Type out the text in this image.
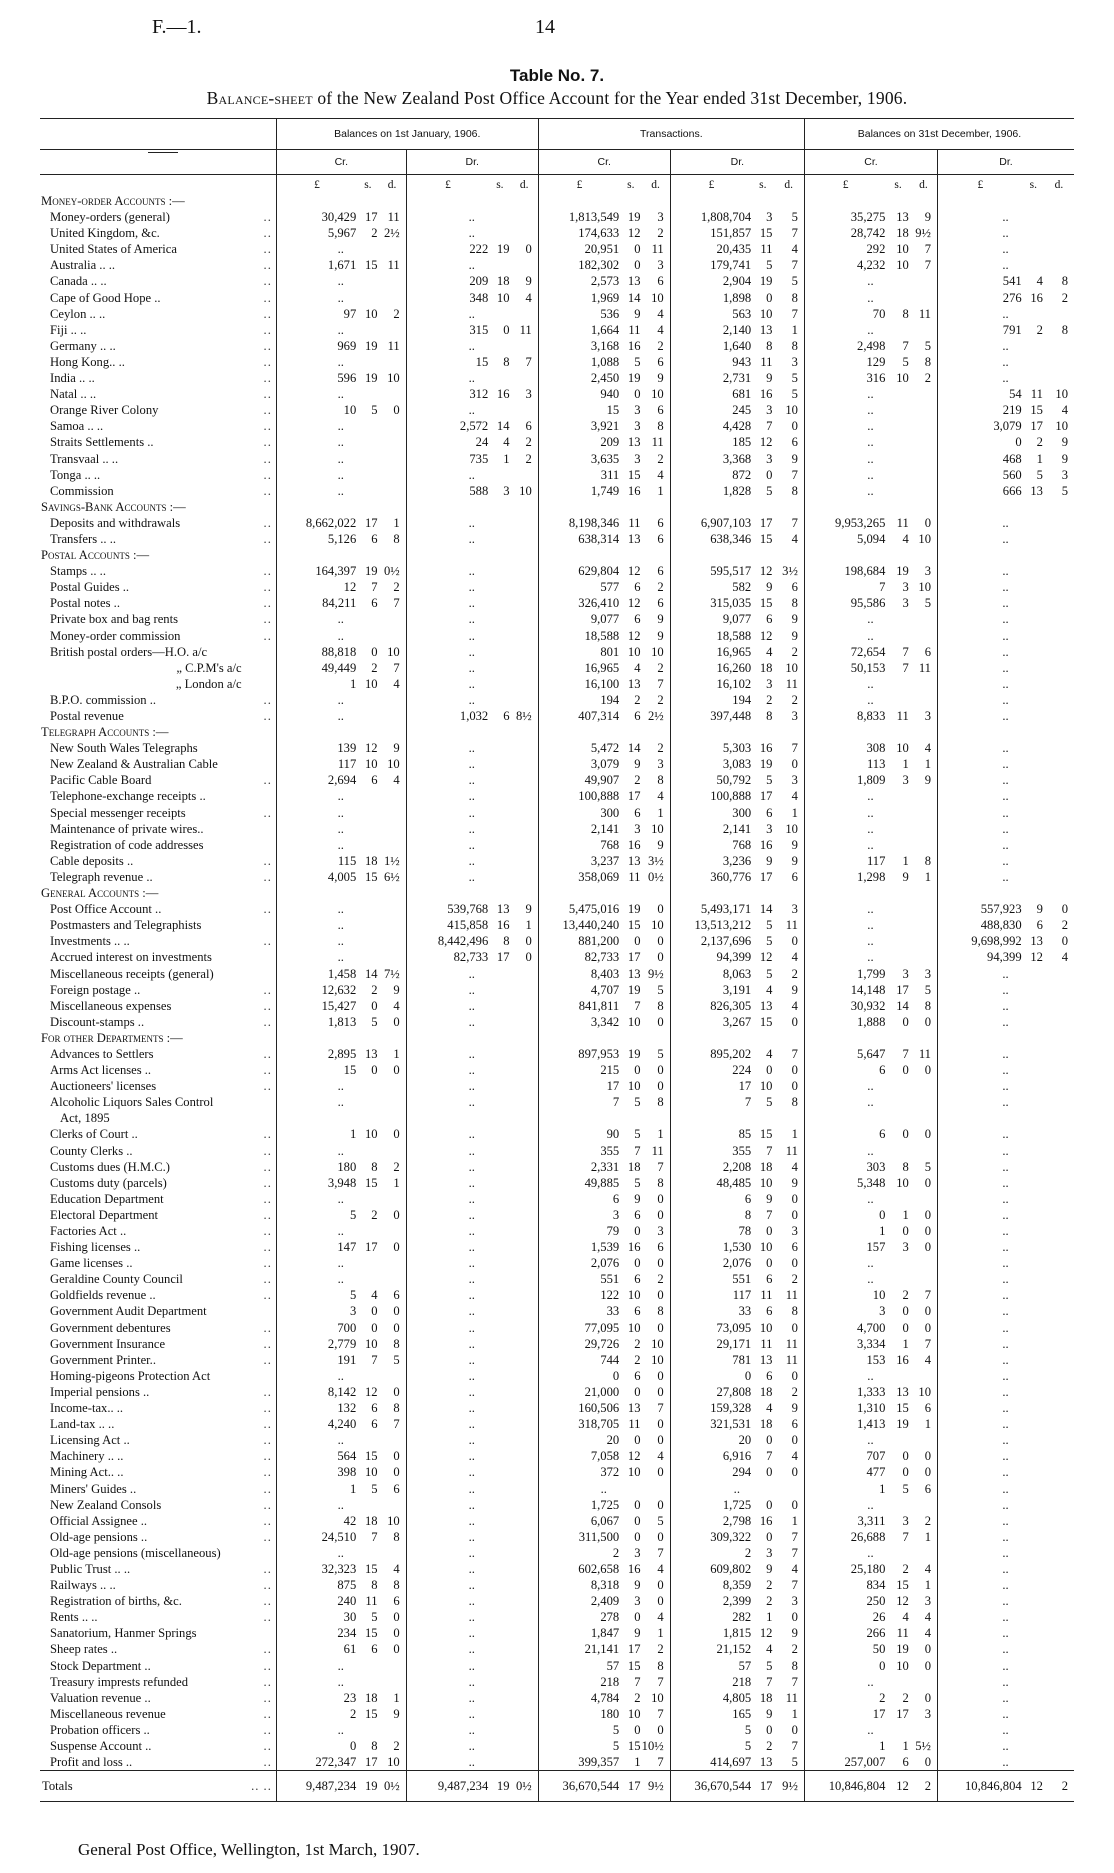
F.—1.	14
Table No. 7.
Balance-sheet of the New Zealand Post Office Account for the Year ended 31st December, 1906.
		Balances on 1st January, 1906.						Transactions.						Balances on 31st December, 1906.					
		Cr.			Dr.			Cr.			Dr.			Cr.			Dr.		
		£	s.	d.	£	s.	d.	£	s.	d.	£	s.	d.	£	s.	d.	£	s.	d.
Money-order Accounts :—																			
Money-orders (general)	..	30,429	17	11	..			1,813,549	19	3	1,808,704	3	5	35,275	13	9	..		
United Kingdom, &c.	..	5,967	2	2½	..			174,633	12	2	151,857	15	7	28,742	18	9½	..		
United States of America	..	..			222	19	0	20,951	0	11	20,435	11	4	292	10	7	..		
Australia .. ..	..	1,671	15	11	..			182,302	0	3	179,741	5	7	4,232	10	7	..		
Canada .. ..	..	..			209	18	9	2,573	13	6	2,904	19	5	..			541	4	8
Cape of Good Hope ..	..	..			348	10	4	1,969	14	10	1,898	0	8	..			276	16	2
Ceylon .. ..	..	97	10	2	..			536	9	4	563	10	7	70	8	11	..		
Fiji .. ..	..	..			315	0	11	1,664	11	4	2,140	13	1	..			791	2	8
Germany .. ..	..	969	19	11	..			3,168	16	2	1,640	8	8	2,498	7	5	..		
Hong Kong.. ..	..	..			15	8	7	1,088	5	6	943	11	3	129	5	8	..		
India .. ..	..	596	19	10	..			2,450	19	9	2,731	9	5	316	10	2	..		
Natal .. ..	..	..			312	16	3	940	0	10	681	16	5	..			54	11	10
Orange River Colony	..	10	5	0	..			15	3	6	245	3	10	..			219	15	4
Samoa .. ..	..	..			2,572	14	6	3,921	3	8	4,428	7	0	..			3,079	17	10
Straits Settlements ..	..	..			24	4	2	209	13	11	185	12	6	..			0	2	9
Transvaal .. ..	..	..			735	1	2	3,635	3	2	3,368	3	9	..			468	1	9
Tonga .. ..	..	..			..			311	15	4	872	0	7	..			560	5	3
Commission	..	..			588	3	10	1,749	16	1	1,828	5	8	..			666	13	5
Savings-Bank Accounts :—																			
Deposits and withdrawals	..	8,662,022	17	1	..			8,198,346	11	6	6,907,103	17	7	9,953,265	11	0	..		
Transfers .. ..	..	5,126	6	8	..			638,314	13	6	638,346	15	4	5,094	4	10	..		
Postal Accounts :—																			
Stamps .. ..	..	164,397	19	0½	..			629,804	12	6	595,517	12	3½	198,684	19	3	..		
Postal Guides ..	..	12	7	2	..			577	6	2	582	9	6	7	3	10	..		
Postal notes ..	..	84,211	6	7	..			326,410	12	6	315,035	15	8	95,586	3	5	..		
Private box and bag rents	..	..			..			9,077	6	9	9,077	6	9	..			..		
Money-order commission	..	..			..			18,588	12	9	18,588	12	9	..			..		
British postal orders—H.O. a/c		88,818	0	10	..			801	10	10	16,965	4	2	72,654	7	6	..		
„ C.P.M's a/c		49,449	2	7	..			16,965	4	2	16,260	18	10	50,153	7	11	..		
„ London a/c		1	10	4	..			16,100	13	7	16,102	3	11	..			..		
B.P.O. commission ..	..	..			..			194	2	2	194	2	2	..			..		
Postal revenue	..	..			1,032	6	8½	407,314	6	2½	397,448	8	3	8,833	11	3	..		
Telegraph Accounts :—																			
New South Wales Telegraphs		139	12	9	..			5,472	14	2	5,303	16	7	308	10	4	..		
New Zealand & Australian Cable		117	10	10	..			3,079	9	3	3,083	19	0	113	1	1	..		
Pacific Cable Board	..	2,694	6	4	..			49,907	2	8	50,792	5	3	1,809	3	9	..		
Telephone-exchange receipts ..		..			..			100,888	17	4	100,888	17	4	..			..		
Special messenger receipts	..	..			..			300	6	1	300	6	1	..			..		
Maintenance of private wires..		..			..			2,141	3	10	2,141	3	10	..			..		
Registration of code addresses		..			..			768	16	9	768	16	9	..			..		
Cable deposits ..	..	115	18	1½	..			3,237	13	3½	3,236	9	9	117	1	8	..		
Telegraph revenue ..	..	4,005	15	6½	..			358,069	11	0½	360,776	17	6	1,298	9	1	..		
General Accounts :—																			
Post Office Account ..	..	..			539,768	13	9	5,475,016	19	0	5,493,171	14	3	..			557,923	9	0
Postmasters and Telegraphists		..			415,858	16	1	13,440,240	15	10	13,513,212	5	11	..			488,830	6	2
Investments .. ..	..	..			8,442,496	8	0	881,200	0	0	2,137,696	5	0	..			9,698,992	13	0
Accrued interest on investments		..			82,733	17	0	82,733	17	0	94,399	12	4	..			94,399	12	4
Miscellaneous receipts (general)		1,458	14	7½	..			8,403	13	9½	8,063	5	2	1,799	3	3	..		
Foreign postage ..	..	12,632	2	9	..			4,707	19	5	3,191	4	9	14,148	17	5	..		
Miscellaneous expenses	..	15,427	0	4	..			841,811	7	8	826,305	13	4	30,932	14	8	..		
Discount-stamps ..	..	1,813	5	0	..			3,342	10	0	3,267	15	0	1,888	0	0	..		
For other Departments :—																			
Advances to Settlers	..	2,895	13	1	..			897,953	19	5	895,202	4	7	5,647	7	11	..		
Arms Act licenses ..	..	15	0	0	..			215	0	0	224	0	0	6	0	0	..		
Auctioneers' licenses	..	..			..			17	10	0	17	10	0	..			..		
Alcoholic Liquors Sales Control		..			..			7	5	8	7	5	8	..			..		
Act, 1895																			
Clerks of Court ..	..	1	10	0	..			90	5	1	85	15	1	6	0	0	..		
County Clerks ..	..	..			..			355	7	11	355	7	11	..			..		
Customs dues (H.M.C.)	..	180	8	2	..			2,331	18	7	2,208	18	4	303	8	5	..		
Customs duty (parcels)	..	3,948	15	1	..			49,885	5	8	48,485	10	9	5,348	10	0	..		
Education Department	..	..			..			6	9	0	6	9	0	..			..		
Electoral Department	..	5	2	0	..			3	6	0	8	7	0	0	1	0	..		
Factories Act ..	..	..			..			79	0	3	78	0	3	1	0	0	..		
Fishing licenses ..	..	147	17	0	..			1,539	16	6	1,530	10	6	157	3	0	..		
Game licenses ..	..	..			..			2,076	0	0	2,076	0	0	..			..		
Geraldine County Council	..	..			..			551	6	2	551	6	2	..			..		
Goldfields revenue ..	..	5	4	6	..			122	10	0	117	11	11	10	2	7	..		
Government Audit Department		3	0	0	..			33	6	8	33	6	8	3	0	0	..		
Government debentures	..	700	0	0	..			77,095	10	0	73,095	10	0	4,700	0	0	..		
Government Insurance	..	2,779	10	8	..			29,726	2	10	29,171	11	11	3,334	1	7	..		
Government Printer..	..	191	7	5	..			744	2	10	781	13	11	153	16	4	..		
Homing-pigeons Protection Act		..			..			0	6	0	0	6	0	..			..		
Imperial pensions ..	..	8,142	12	0	..			21,000	0	0	27,808	18	2	1,333	13	10	..		
Income-tax.. ..	..	132	6	8	..			160,506	13	7	159,328	4	9	1,310	15	6	..		
Land-tax .. ..	..	4,240	6	7	..			318,705	11	0	321,531	18	6	1,413	19	1	..		
Licensing Act ..	..	..			..			20	0	0	20	0	0	..			..		
Machinery .. ..	..	564	15	0	..			7,058	12	4	6,916	7	4	707	0	0	..		
Mining Act.. ..	..	398	10	0	..			372	10	0	294	0	0	477	0	0	..		
Miners' Guides ..	..	1	5	6	..			..			..			1	5	6	..		
New Zealand Consols	..	..			..			1,725	0	0	1,725	0	0	..			..		
Official Assignee ..	..	42	18	10	..			6,067	0	5	2,798	16	1	3,311	3	2	..		
Old-age pensions ..	..	24,510	7	8	..			311,500	0	0	309,322	0	7	26,688	7	1	..		
Old-age pensions (miscellaneous)		..			..			2	3	7	2	3	7	..			..		
Public Trust .. ..	..	32,323	15	4	..			602,658	16	4	609,802	9	4	25,180	2	4	..		
Railways .. ..	..	875	8	8	..			8,318	9	0	8,359	2	7	834	15	1	..		
Registration of births, &c.	..	240	11	6	..			2,409	3	0	2,399	2	3	250	12	3	..		
Rents .. ..	..	30	5	0	..			278	0	4	282	1	0	26	4	4	..		
Sanatorium, Hanmer Springs		234	15	0	..			1,847	9	1	1,815	12	9	266	11	4	..		
Sheep rates ..	..	61	6	0	..			21,141	17	2	21,152	4	2	50	19	0	..		
Stock Department ..	..	..			..			57	15	8	57	5	8	0	10	0	..		
Treasury imprests refunded	..	..			..			218	7	7	218	7	7	..			..		
Valuation revenue ..	..	23	18	1	..			4,784	2	10	4,805	18	11	2	2	0	..		
Miscellaneous revenue	..	2	15	9	..			180	10	7	165	9	1	17	17	3	..		
Probation officers ..	..	..			..			5	0	0	5	0	0	..			..		
Suspense Account ..	..	0	8	2	..			5	15	10½	5	2	7	1	1	5½	..		
Profit and loss ..	..	272,347	17	10	..			399,357	1	7	414,697	13	5	257,007	6	0	..		
Totals	.. ..	9,487,234	19	0½	9,487,234	19	0½	36,670,544	17	9½	36,670,544	17	9½	10,846,804	12	2	10,846,804	12	2
General Post Office, Wellington, 1st March, 1907.
